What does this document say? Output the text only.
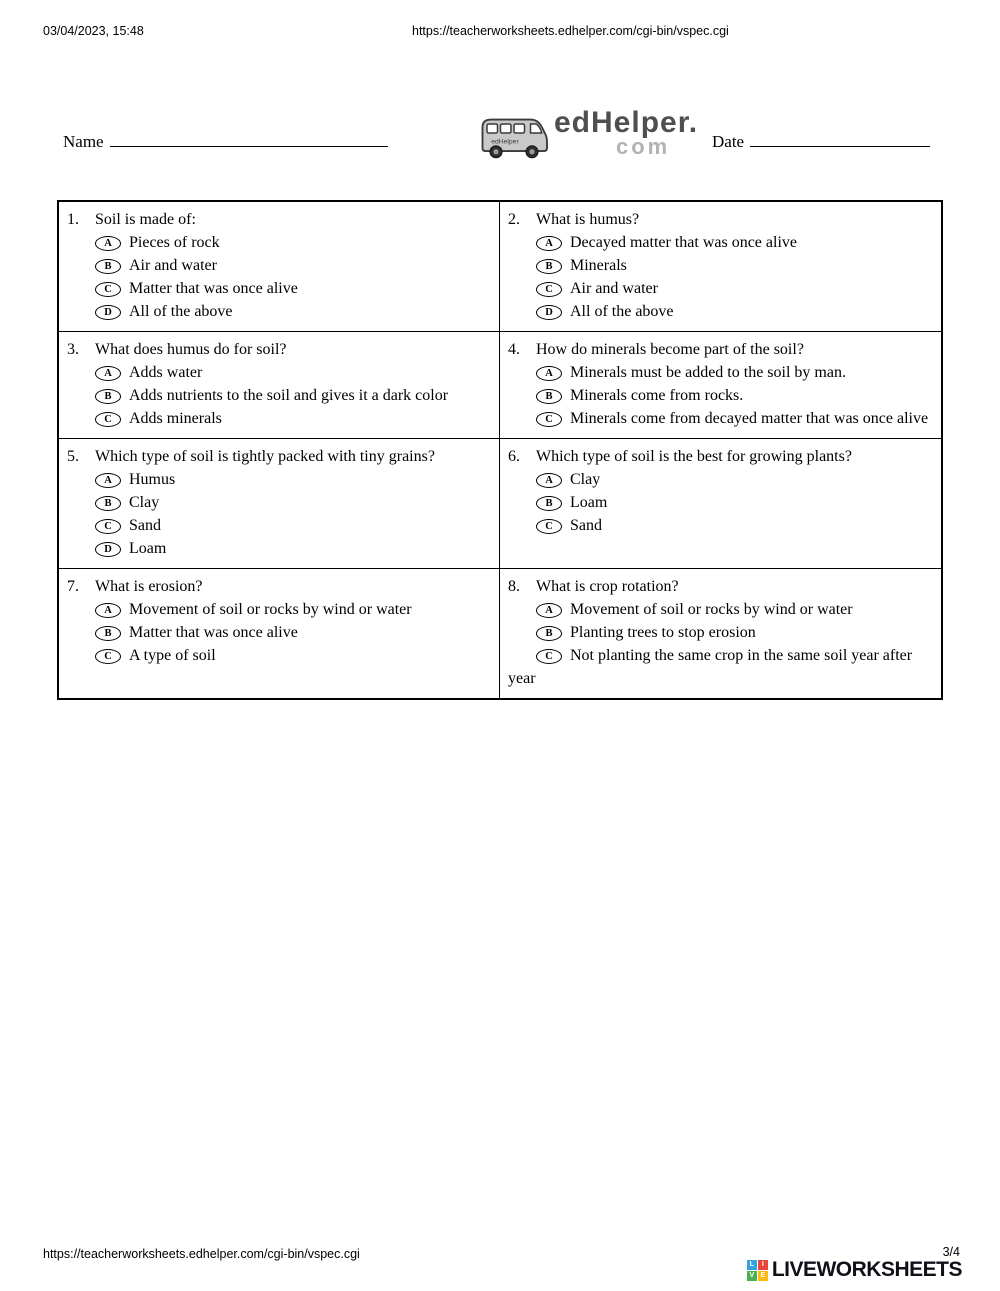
03/04/2023, 15:48	https://teacherworksheets.edhelper.com/cgi-bin/vspec.cgi
Name	Date
edHelper
edHelper.
com

1. Soil is made of:

A Pieces of rock
B Air and water
C Matter that was once alive
D All of the above

2. What is humus?

A Decayed matter that was once alive
B Minerals
C Air and water
D All of the above

3. What does humus do for soil?

A Adds water
B Adds nutrients to the soil and gives it a dark color
C Adds minerals

4. How do minerals become part of the soil?

A Minerals must be added to the soil by man.
B Minerals come from rocks.
C Minerals come from decayed matter that was once alive

5. Which type of soil is tightly packed with tiny grains?

A Humus
B Clay
C Sand
D Loam

6. Which type of soil is the best for growing plants?

A Clay
B Loam
C Sand

7. What is erosion?

A Movement of soil or rocks by wind or water
B Matter that was once alive
C A type of soil

8. What is crop rotation?

A Movement of soil or rocks by wind or water
B Planting trees to stop erosion
C Not planting the same crop in the same soil year after year
https://teacherworksheets.edhelper.com/cgi-bin/vspec.cgi	3/4
L	I
V E LIVEWORKSHEETS
